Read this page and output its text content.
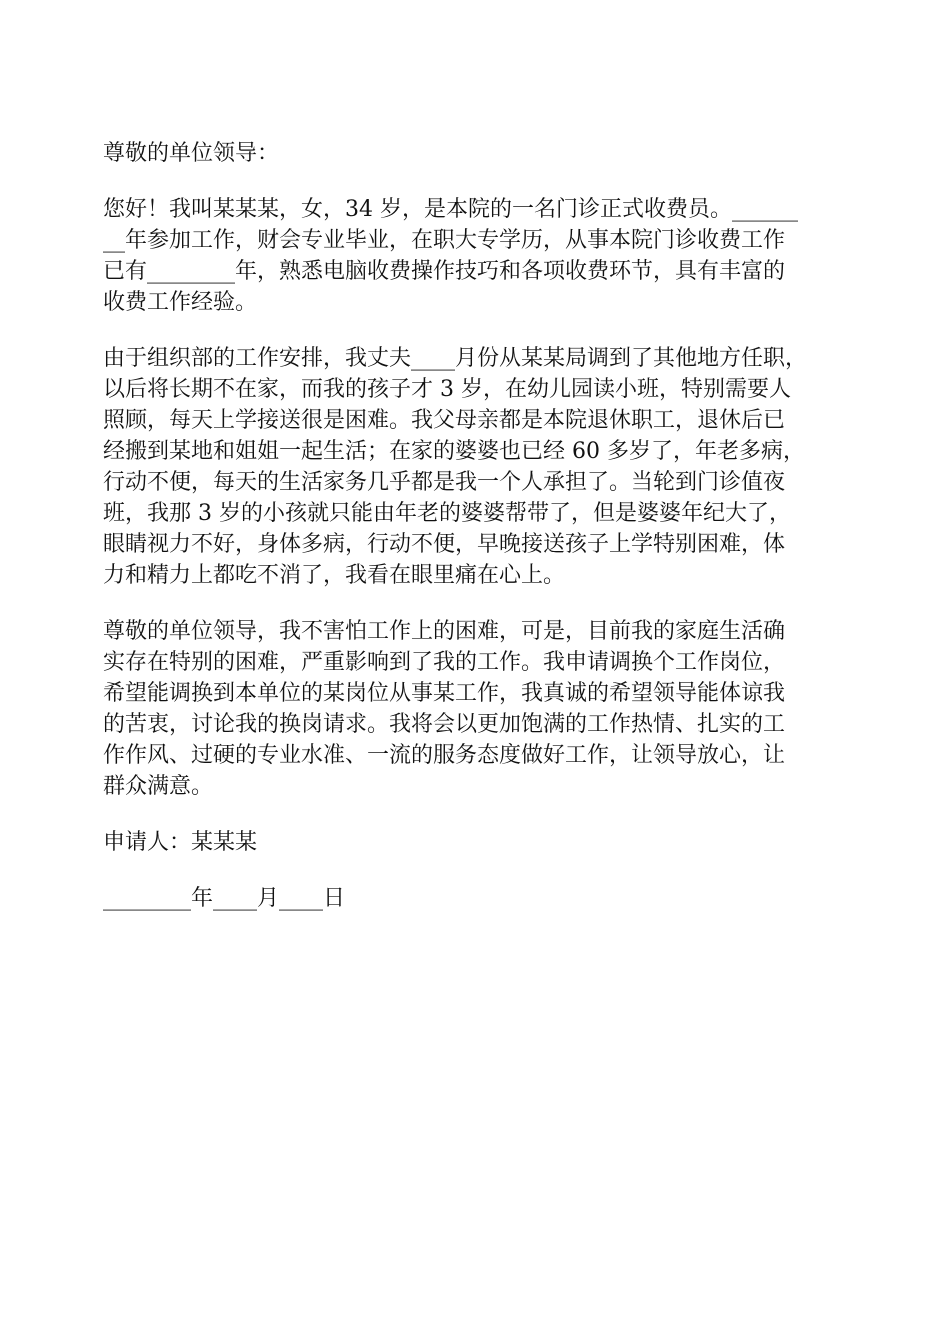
尊敬的单位领导：

您好！我叫某某某，女，34 岁，是本院的一名门诊正式收费员。______

__年参加工作，财会专业毕业，在职大专学历，从事本院门诊收费工作

已有________年，熟悉电脑收费操作技巧和各项收费环节，具有丰富的

收费工作经验。

由于组织部的工作安排，我丈夫____月份从某某局调到了其他地方任职，

以后将长期不在家，而我的孩子才 3 岁，在幼儿园读小班，特别需要人

照顾，每天上学接送很是困难。我父母亲都是本院退休职工，退休后已

经搬到某地和姐姐一起生活；在家的婆婆也已经 60 多岁了，年老多病，

行动不便，每天的生活家务几乎都是我一个人承担了。当轮到门诊值夜

班，我那 3 岁的小孩就只能由年老的婆婆帮带了，但是婆婆年纪大了，

眼睛视力不好，身体多病，行动不便，早晚接送孩子上学特别困难，体

力和精力上都吃不消了，我看在眼里痛在心上。

尊敬的单位领导，我不害怕工作上的困难，可是，目前我的家庭生活确

实存在特别的困难，严重影响到了我的工作。我申请调换个工作岗位，

希望能调换到本单位的某岗位从事某工作，我真诚的希望领导能体谅我

的苦衷，讨论我的换岗请求。我将会以更加饱满的工作热情、扎实的工

作作风、过硬的专业水准、一流的服务态度做好工作，让领导放心，让

群众满意。

申请人：某某某

________年____月____日
